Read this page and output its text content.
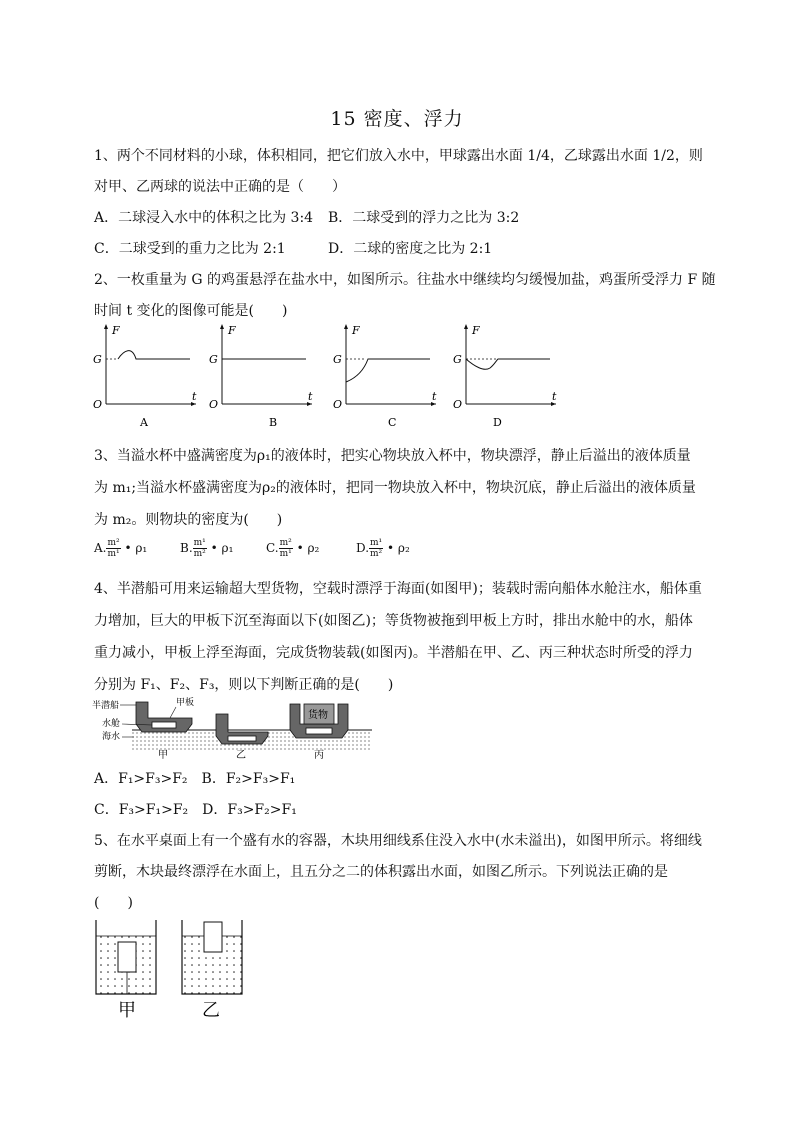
15 密度、浮力
1、两个不同材料的小球，体积相同，把它们放入水中，甲球露出水面 1/4，乙球露出水面 1/2，则
对甲、乙两球的说法中正确的是（　　）
A．二球浸入水中的体积之比为 3:4	B．二球受到的浮力之比为 3:2
C．二球受到的重力之比为 2:1	D．二球的密度之比为 2:1
2、一枚重量为 G 的鸡蛋悬浮在盐水中，如图所示。往盐水中继续均匀缓慢加盐，鸡蛋所受浮力 F 随
时间 t 变化的图像可能是(　　)
F
t
O
G
A
F
t
O
G
B
F
t
O
G
C
F
t
O
G
D
3、当溢水杯中盛满密度为ρ₁的液体时，把实心物块放入杯中，物块漂浮，静止后溢出的液体质量
为 m₁;当溢水杯盛满密度为ρ₂的液体时，把同一物块放入杯中，物块沉底，静止后溢出的液体质量
为 m₂。则物块的密度为(　　)
A. $\frac{\text{m²}}{\text{m¹}}$ • ρ₁	B. $\frac{\text{m¹}}{\text{m²}}$ • ρ₁	C. $\frac{\text{m²}}{\text{m¹}}$ • ρ₂	D. $\frac{\text{m¹}}{\text{m²}}$ • ρ₂
4、半潜船可用来运输超大型货物，空载时漂浮于海面(如图甲)；装载时需向船体水舱注水，船体重
力增加，巨大的甲板下沉至海面以下(如图乙)；等货物被拖到甲板上方时，排出水舱中的水，船体
重力减小，甲板上浮至海面，完成货物装载(如图丙)。半潜船在甲、乙、丙三种状态时所受的浮力
分别为 F₁、F₂、F₃，则以下判断正确的是(　　)
货物
半潜船	甲板
水舱
海水
甲	乙	丙
A．F₁>F₃>F₂　B．F₂>F₃>F₁
C．F₃>F₁>F₂　D．F₃>F₂>F₁
5、在水平桌面上有一个盛有水的容器，木块用细线系住没入水中(水未溢出)，如图甲所示。将细线
剪断，木块最终漂浮在水面上，且五分之二的体积露出水面，如图乙所示。下列说法正确的是
(　　)
甲	乙
